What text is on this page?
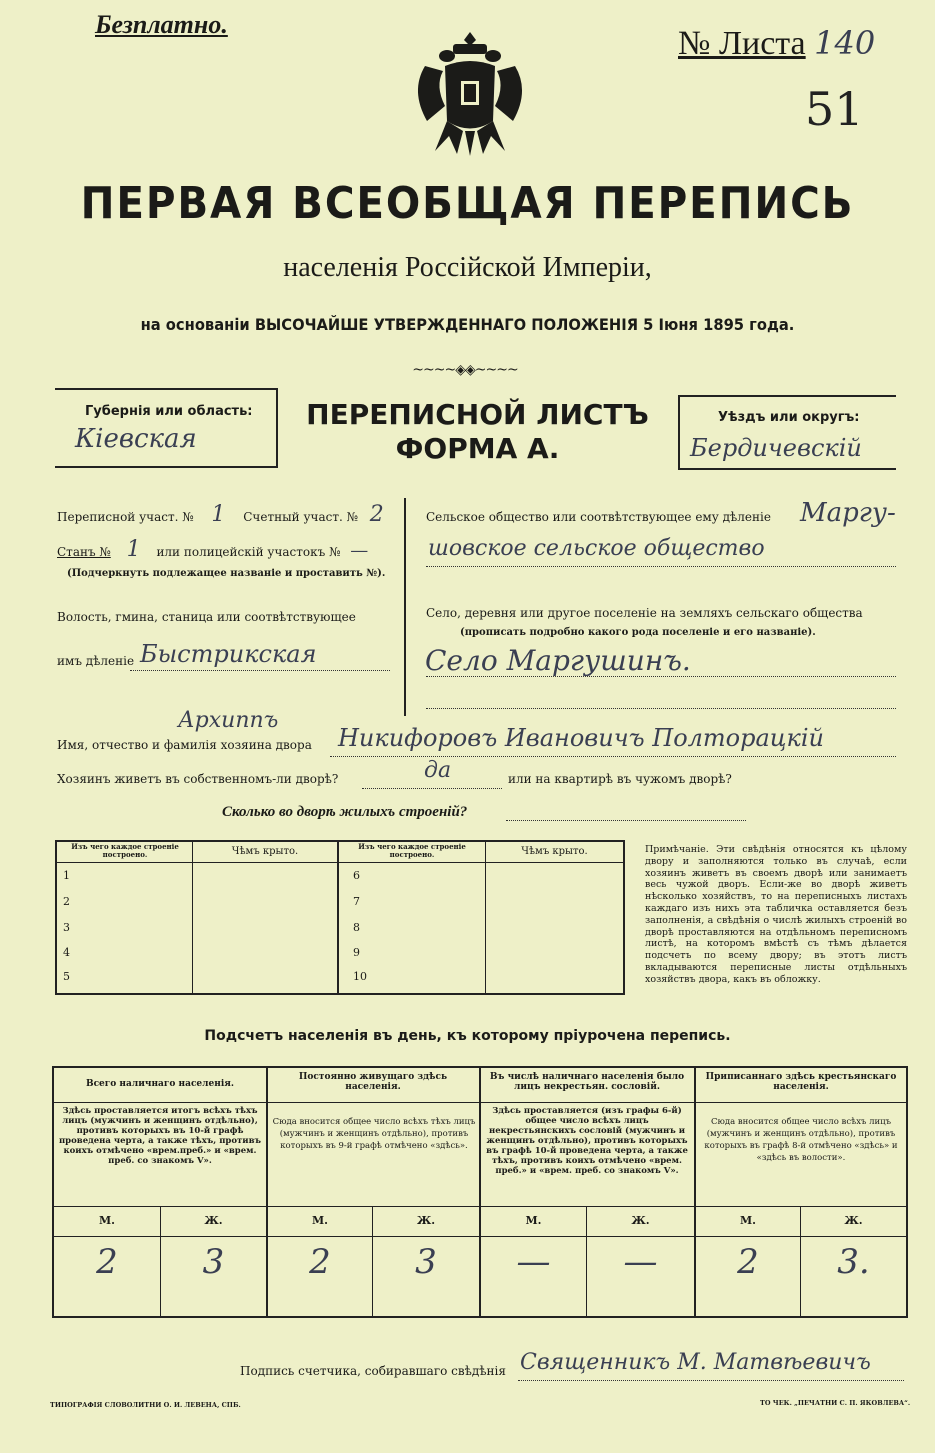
Безплатно.
№ Листа 140
51
ПЕРВАЯ ВСЕОБЩАЯ ПЕРЕПИСЬ
населенія Россійской Имперіи,
на основаніи ВЫСОЧАЙШЕ УТВЕРЖДЕННАГО ПОЛОЖЕНІЯ 5 Іюня 1895 года.
~~~~◈◈~~~~
Губернія или область:
Кiевская
ПЕРЕПИСНОЙ ЛИСТЪ
ФОРМА А.
Уѣздъ или округъ:
Бердичевскiй
Переписной участ. № 1 Счетный участ. № 2
Станъ № 1 или полицейскій участокъ № —
(Подчеркнуть подлежащее названіе и проставить №).
Волость, гмина, станица или соотвѣтствующее
имъ дѣленіе Быстрикская
Сельское общество или соотвѣтствующее ему дѣленіе Маргу-
шовское сельское общество
Село, деревня или другое поселеніе на земляхъ сельскаго общества
(прописать подробно какого рода поселеніе и его названіе).
Село Маргушинъ.
Архиппъ
Имя, отчество и фамилія хозяина двора Никифоровъ Ивановичъ Полторацкiй
Хозяинъ живетъ въ собственномъ-ли дворѣ?	да	или на квартирѣ въ чужомъ дворѣ?
Сколько во дворѣ жилыхъ строеній?
Изъ чего каждое строеніе построено.	Чѣмъ крыто.	Изъ чего каждое строеніе построено.	Чѣмъ крыто.
1
2
3
4
5
6
7
8
9
10
Примѣчаніе. Эти свѣдѣнія относятся къ цѣлому двору и заполняются только въ случаѣ, если хозяинъ живетъ въ своемъ дворѣ или занимаетъ весь чужой дворъ. Если-же во дворѣ живетъ нѣсколько хозяйствъ, то на переписныхъ листахъ каждаго изъ нихъ эта табличка оставляется безъ заполненія, а свѣдѣнія о числѣ жилыхъ строеній во дворѣ проставляются на отдѣльномъ переписномъ листѣ, на которомъ вмѣстѣ съ тѣмъ дѣлается подсчетъ по всему двору; въ этотъ листъ вкладываются переписные листы отдѣльныхъ хозяйствъ двора, какъ въ обложку.
Подсчетъ населенія въ день, къ которому пріурочена перепись.
Всего наличнаго населенія.
Постоянно живущаго здѣсь населенія.
Въ числѣ наличнаго населенія было лицъ некрестьян. сословій.
Приписаннаго здѣсь крестьянскаго населенія.
Здѣсь проставляется итогъ всѣхъ тѣхъ лицъ (мужчинъ и женщинъ отдѣльно), противъ которыхъ въ 10-й графѣ проведена черта, а также тѣхъ, противъ коихъ отмѣчено «врем.преб.» и «врем. преб. со знакомъ V».
Сюда вносится общее число всѣхъ тѣхъ лицъ (мужчинъ и женщинъ отдѣльно), противъ которыхъ въ 9-й графѣ отмѣчено «здѣсь».
Здѣсь проставляется (изъ графы 6-й) общее число всѣхъ лицъ некрестьянскихъ сословій (мужчинъ и женщинъ отдѣльно), противъ которыхъ въ графѣ 10-й проведена черта, а также тѣхъ, противъ коихъ отмѣчено «врем. преб.» и «врем. преб. со знакомъ V».
Сюда вносится общее число всѣхъ лицъ (мужчинъ и женщинъ отдѣльно), противъ которыхъ въ графѣ 8-й отмѣчено «здѣсь» и «здѣсь въ волости».
М.	Ж.	М.	Ж.	М.	Ж.	М.	Ж.
2	3	2	3	—	—	2	3.
Подпись счетчика, собиравшаго свѣдѣнія Священникъ М. Матвѣевичъ
ТИПОГРАФІЯ СЛОВОЛИТНИ О. И. ЛЕВЕНА, СПБ.	ТО ЧЕК. „ПЕЧАТНИ С. П. ЯКОВЛЕВА“.
